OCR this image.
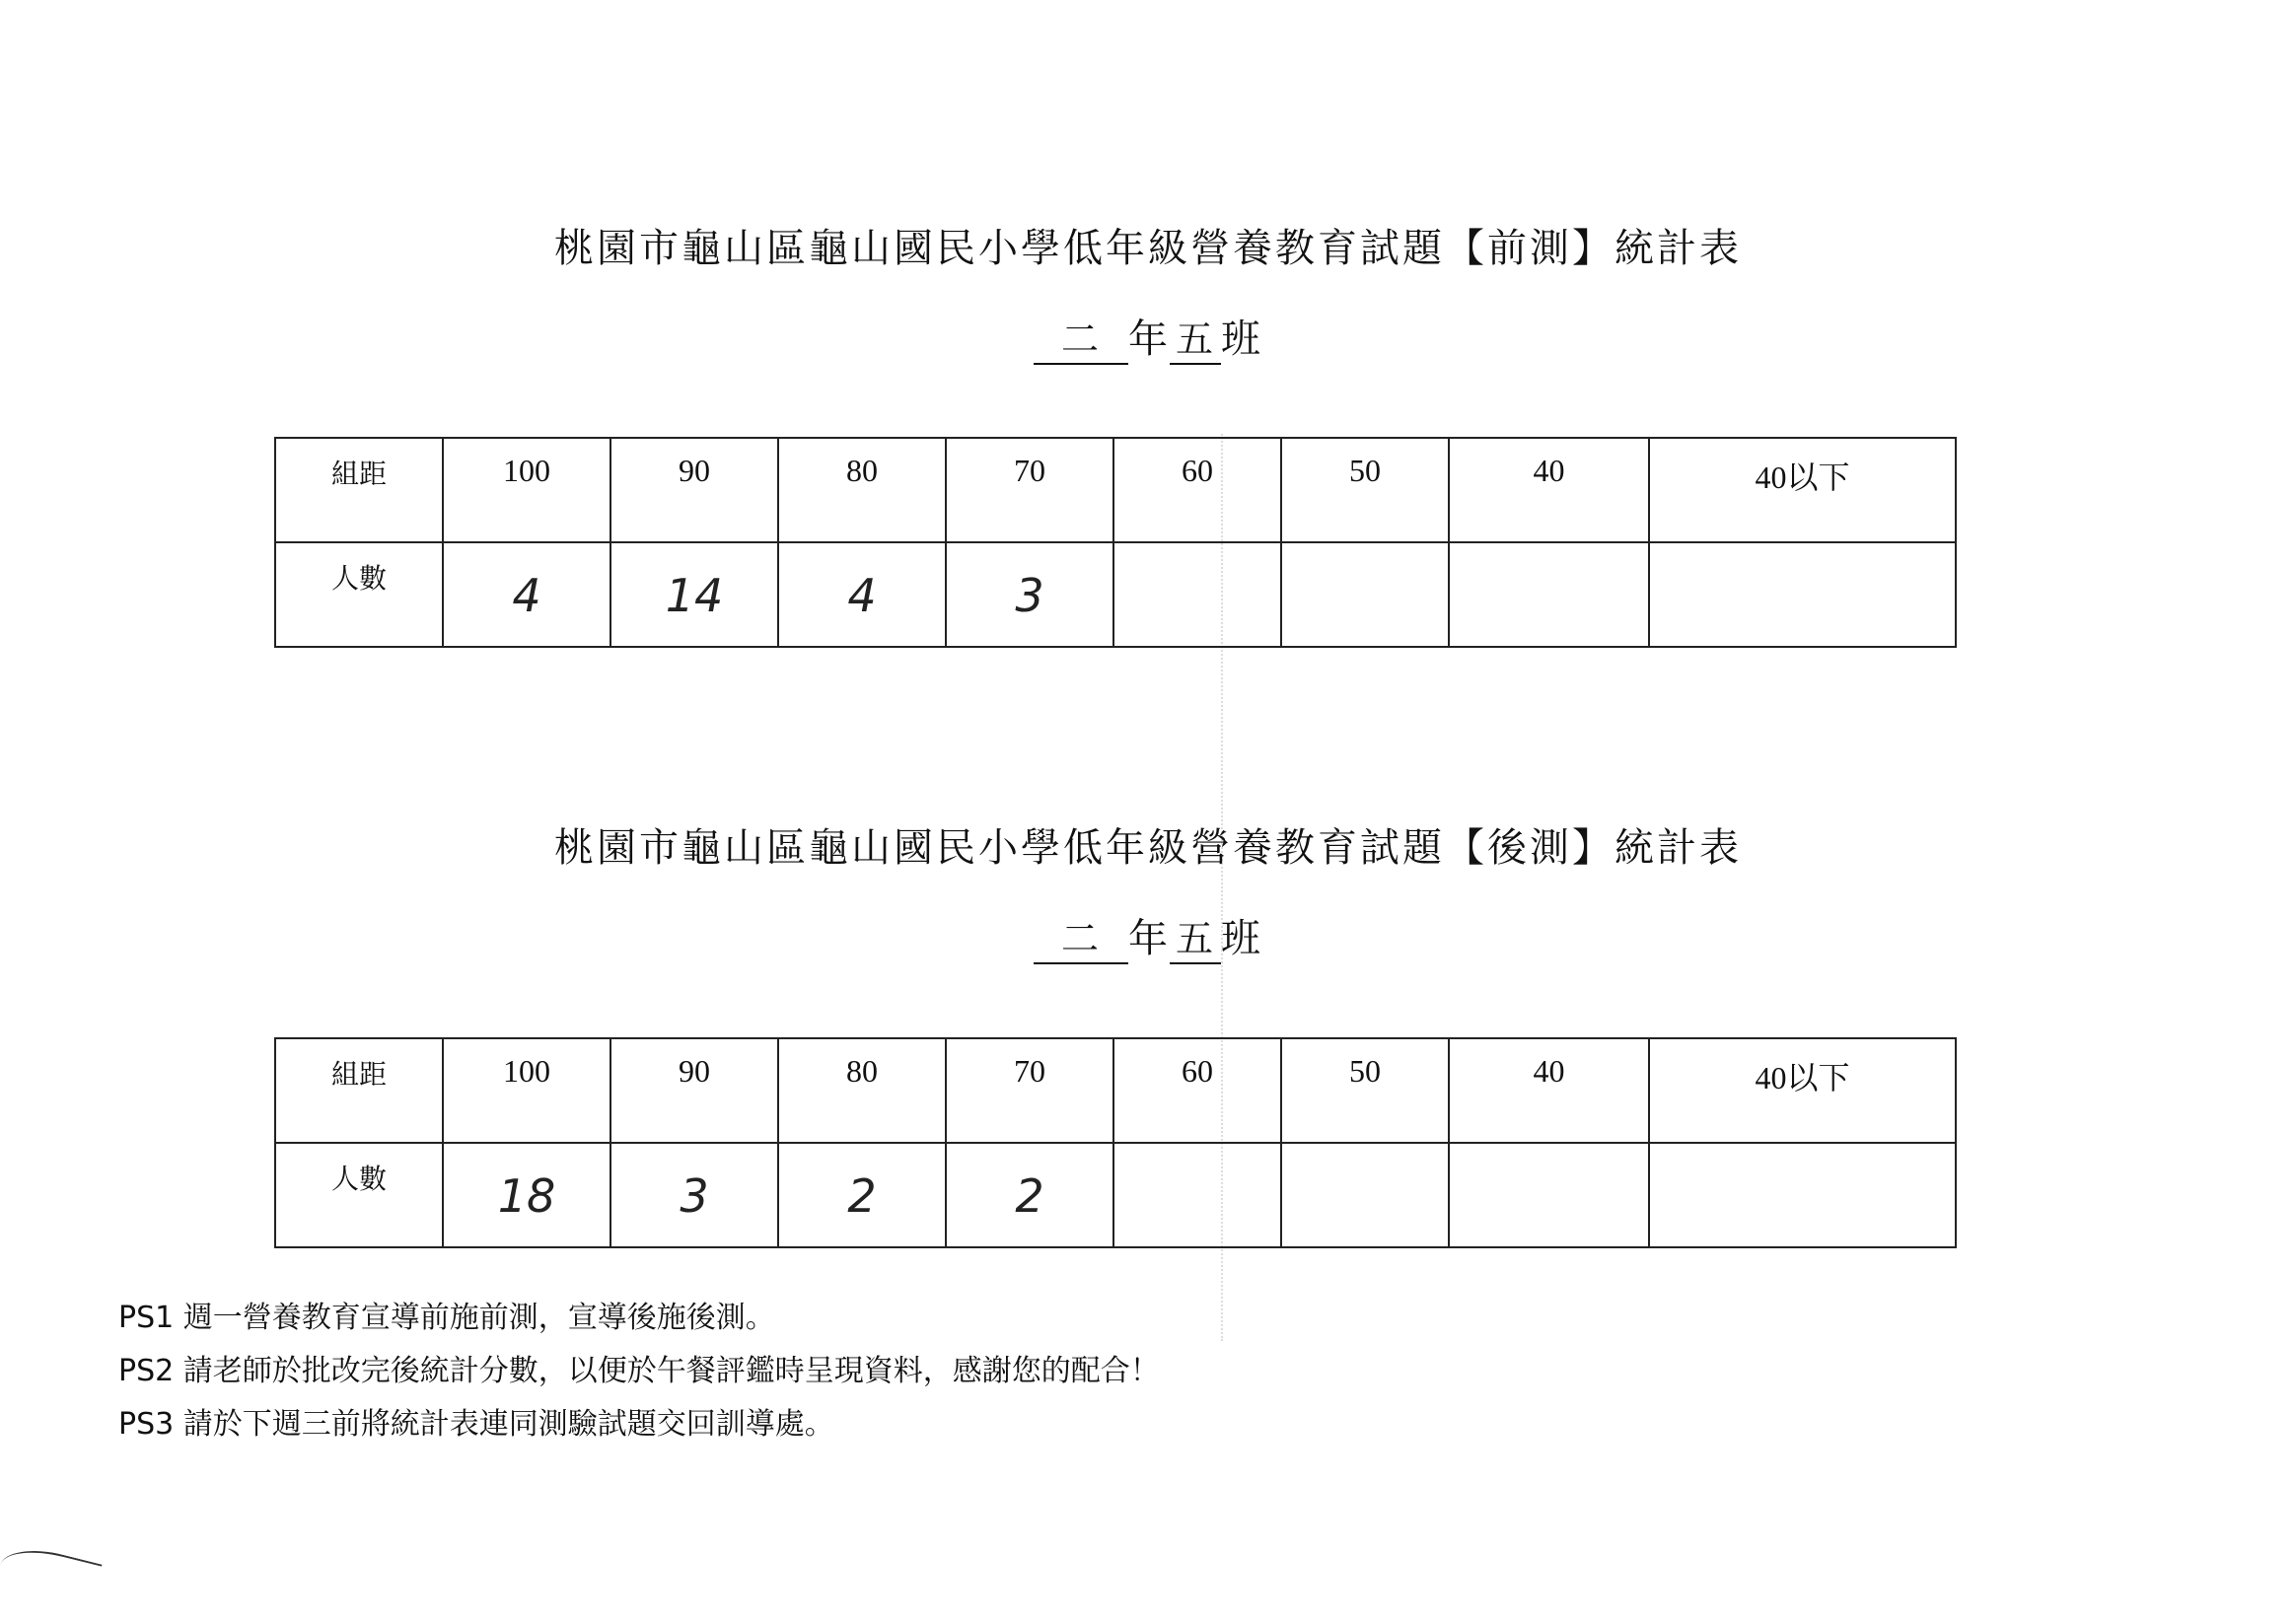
桃園市龜山區龜山國民小學低年級營養教育試題【前測】統計表
二 年 五 班
組距	100	90	80	70	60	50	40	40以下

人數	4	14	4	3				

桃園市龜山區龜山國民小學低年級營養教育試題【後測】統計表
二 年 五 班
組距	100	90	80	70	60	50	40	40以下

人數	18	3	2	2				

PS1 週一營養教育宣導前施前測，宣導後施後測。
PS2 請老師於批改完後統計分數，以便於午餐評鑑時呈現資料，感謝您的配合！
PS3 請於下週三前將統計表連同測驗試題交回訓導處。
